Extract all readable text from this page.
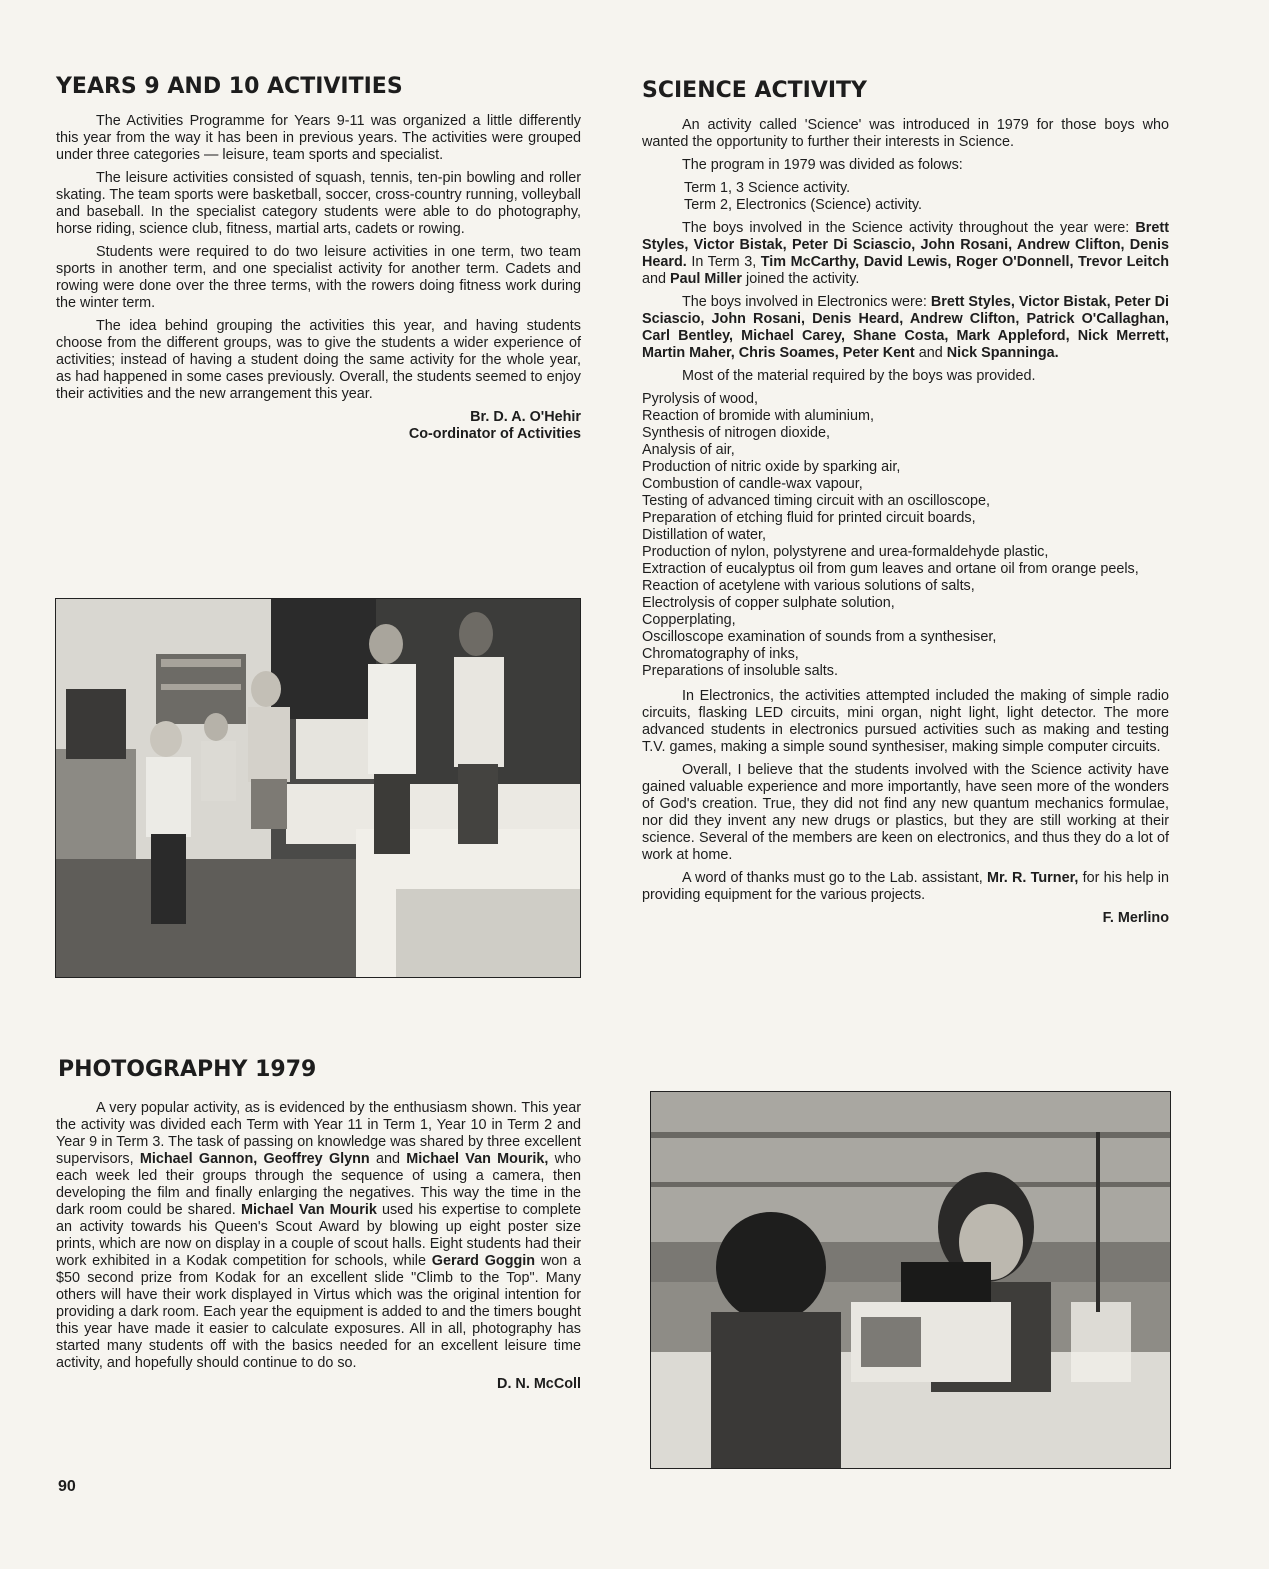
YEARS 9 AND 10 ACTIVITIES

The Activities Programme for Years 9-11 was organized a little differently this year from the way it has been in previous years. The activities were grouped under three categories — leisure, team sports and specialist.

The leisure activities consisted of squash, tennis, ten-pin bowling and roller skating. The team sports were basketball, soccer, cross-country running, volleyball and baseball. In the specialist category students were able to do photography, horse riding, science club, fitness, martial arts, cadets or rowing.

Students were required to do two leisure activities in one term, two team sports in another term, and one specialist activity for another term. Cadets and rowing were done over the three terms, with the rowers doing fitness work during the winter term.

The idea behind grouping the activities this year, and having students choose from the different groups, was to give the students a wider experience of activities; instead of having a student doing the same activity for the whole year, as had happened in some cases previously. Overall, the students seemed to enjoy their activities and the new arrangement this year.

Br. D. A. O'Hehir
Co-ordinator of Activities
PHOTOGRAPHY 1979

A very popular activity, as is evidenced by the enthusiasm shown. This year the activity was divided each Term with Year 11 in Term 1, Year 10 in Term 2 and Year 9 in Term 3. The task of passing on knowledge was shared by three excellent supervisors, Michael Gannon, Geoffrey Glynn and Michael Van Mourik, who each week led their groups through the sequence of using a camera, then developing the film and finally enlarging the negatives. This way the time in the dark room could be shared. Michael Van Mourik used his expertise to complete an activity towards his Queen's Scout Award by blowing up eight poster size prints, which are now on display in a couple of scout halls. Eight students had their work exhibited in a Kodak competition for schools, while Gerard Goggin won a $50 second prize from Kodak for an excellent slide "Climb to the Top". Many others will have their work displayed in Virtus which was the original intention for providing a dark room. Each year the equipment is added to and the timers bought this year have made it easier to calculate exposures. All in all, photography has started many students off with the basics needed for an excellent leisure time activity, and hopefully should continue to do so.

D. N. McColl
SCIENCE ACTIVITY

An activity called 'Science' was introduced in 1979 for those boys who wanted the opportunity to further their interests in Science.

The program in 1979 was divided as folows:

Term 1, 3 Science activity.
Term 2, Electronics (Science) activity.

The boys involved in the Science activity throughout the year were: Brett Styles, Victor Bistak, Peter Di Sciascio, John Rosani, Andrew Clifton, Denis Heard. In Term 3, Tim McCarthy, David Lewis, Roger O'Donnell, Trevor Leitch and Paul Miller joined the activity.

The boys involved in Electronics were: Brett Styles, Victor Bistak, Peter Di Sciascio, John Rosani, Denis Heard, Andrew Clifton, Patrick O'Callaghan, Carl Bentley, Michael Carey, Shane Costa, Mark Appleford, Nick Merrett, Martin Maher, Chris Soames, Peter Kent and Nick Spanninga.

Most of the material required by the boys was provided.

Pyrolysis of wood,
Reaction of bromide with aluminium,
Synthesis of nitrogen dioxide,
Analysis of air,
Production of nitric oxide by sparking air,
Combustion of candle-wax vapour,
Testing of advanced timing circuit with an oscilloscope,
Preparation of etching fluid for printed circuit boards,
Distillation of water,
Production of nylon, polystyrene and urea-formaldehyde plastic,
Extraction of eucalyptus oil from gum leaves and ortane oil from orange peels,
Reaction of acetylene with various solutions of salts,
Electrolysis of copper sulphate solution,
Copperplating,
Oscilloscope examination of sounds from a synthesiser,
Chromatography of inks,
Preparations of insoluble salts.

In Electronics, the activities attempted included the making of simple radio circuits, flasking LED circuits, mini organ, night light, light detector. The more advanced students in electronics pursued activities such as making and testing T.V. games, making a simple sound synthesiser, making simple computer circuits.

Overall, I believe that the students involved with the Science activity have gained valuable experience and more importantly, have seen more of the wonders of God's creation. True, they did not find any new quantum mechanics formulae, nor did they invent any new drugs or plastics, but they are still working at their science. Several of the members are keen on electronics, and thus they do a lot of work at home.

A word of thanks must go to the Lab. assistant, Mr. R. Turner, for his help in providing equipment for the various projects.

F. Merlino
90
